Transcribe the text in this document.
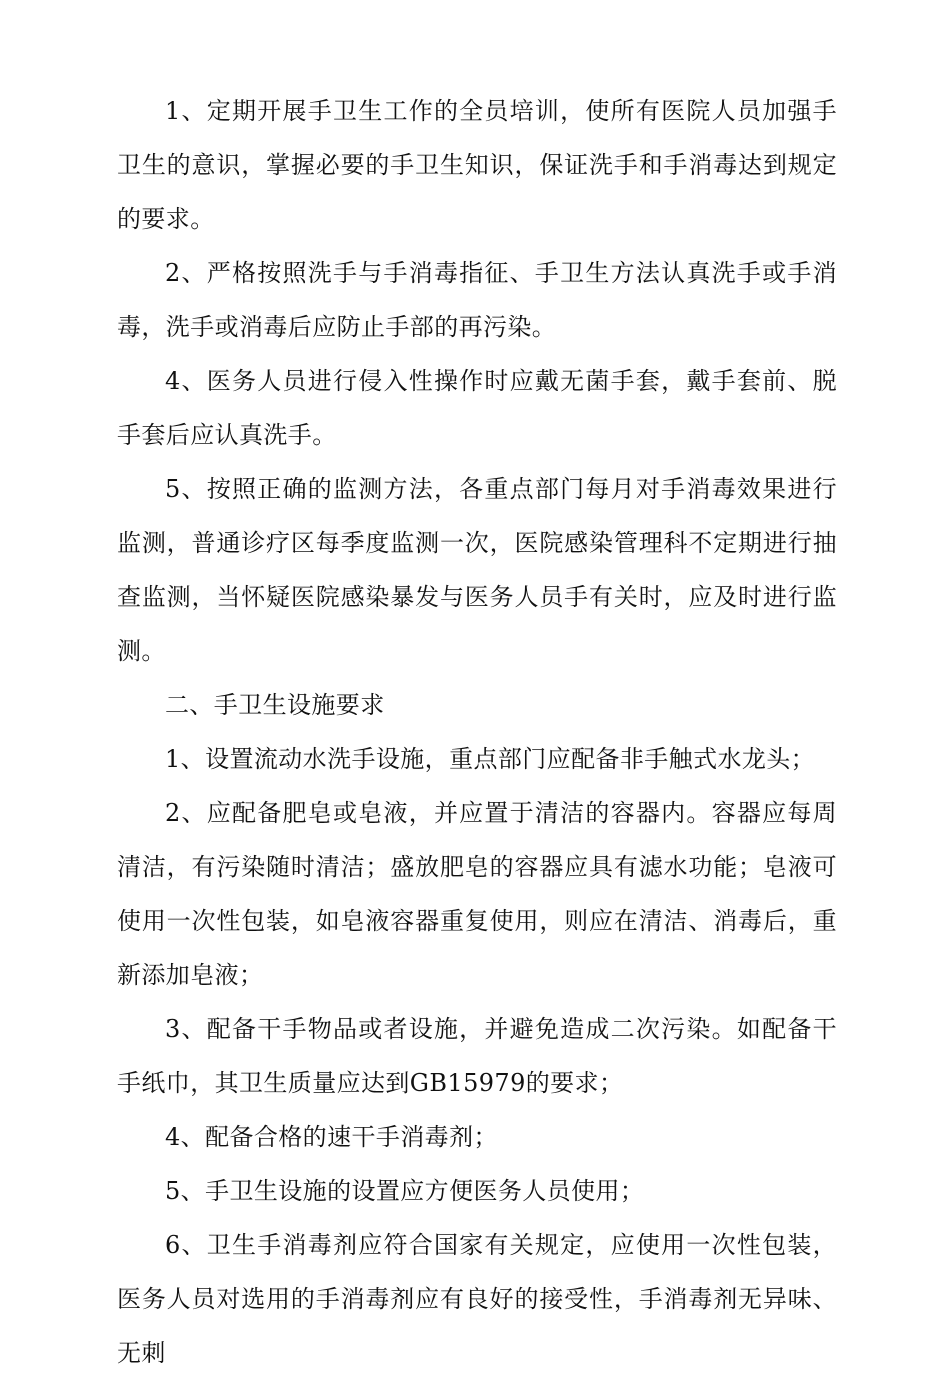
1、定期开展手卫生工作的全员培训，使所有医院人员加强手卫生的意识，掌握必要的手卫生知识，保证洗手和手消毒达到规定的要求。

2、严格按照洗手与手消毒指征、手卫生方法认真洗手或手消毒，洗手或消毒后应防止手部的再污染。

4、医务人员进行侵入性操作时应戴无菌手套，戴手套前、脱手套后应认真洗手。

5、按照正确的监测方法，各重点部门每月对手消毒效果进行监测，普通诊疗区每季度监测一次，医院感染管理科不定期进行抽查监测，当怀疑医院感染暴发与医务人员手有关时，应及时进行监测。

二、手卫生设施要求

1、设置流动水洗手设施，重点部门应配备非手触式水龙头；

2、应配备肥皂或皂液，并应置于清洁的容器内。容器应每周清洁，有污染随时清洁；盛放肥皂的容器应具有滤水功能；皂液可使用一次性包装，如皂液容器重复使用，则应在清洁、消毒后，重新添加皂液；

3、配备干手物品或者设施，并避免造成二次污染。如配备干手纸巾，其卫生质量应达到GB15979的要求；

4、配备合格的速干手消毒剂；

5、手卫生设施的设置应方便医务人员使用；

6、卫生手消毒剂应符合国家有关规定，应使用一次性包装，医务人员对选用的手消毒剂应有良好的接受性，手消毒剂无异味、无刺
